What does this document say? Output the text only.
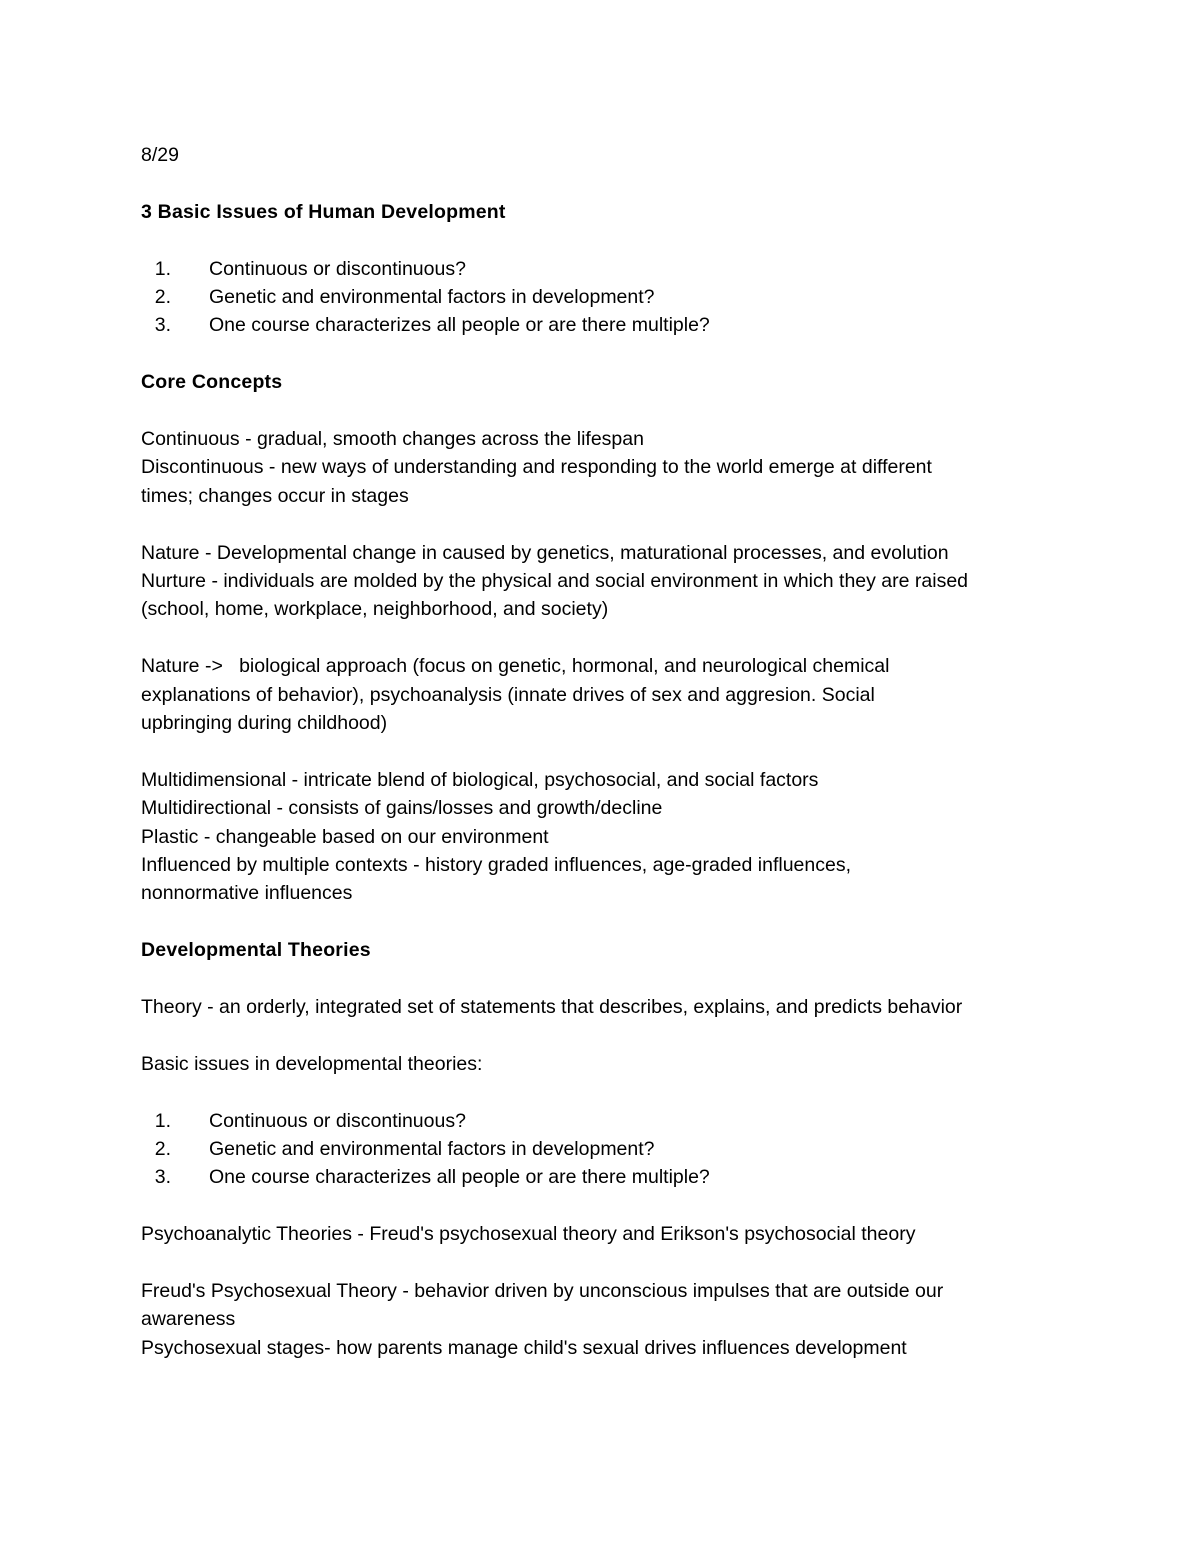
8/29

3 Basic Issues of Human Development

1.	Continuous or discontinuous?
2.	Genetic and environmental factors in development?
3.	One course characterizes all people or are there multiple?

Core Concepts

Continuous - gradual, smooth changes across the lifespan

Discontinuous - new ways of understanding and responding to the world emerge at different

times; changes occur in stages

Nature - Developmental change in caused by genetics, maturational processes, and evolution

Nurture - individuals are molded by the physical and social environment in which they are raised

(school, home, workplace, neighborhood, and society)

Nature ->   biological approach (focus on genetic, hormonal, and neurological chemical

explanations of behavior), psychoanalysis (innate drives of sex and aggresion. Social

upbringing during childhood)

Multidimensional - intricate blend of biological, psychosocial, and social factors

Multidirectional - consists of gains/losses and growth/decline

Plastic - changeable based on our environment

Influenced by multiple contexts - history graded influences, age-graded influences,

nonnormative influences

Developmental Theories

Theory - an orderly, integrated set of statements that describes, explains, and predicts behavior

Basic issues in developmental theories:

1.	Continuous or discontinuous?
2.	Genetic and environmental factors in development?
3.	One course characterizes all people or are there multiple?

Psychoanalytic Theories - Freud's psychosexual theory and Erikson's psychosocial theory

Freud's Psychosexual Theory - behavior driven by unconscious impulses that are outside our

awareness

Psychosexual stages- how parents manage child's sexual drives influences development
